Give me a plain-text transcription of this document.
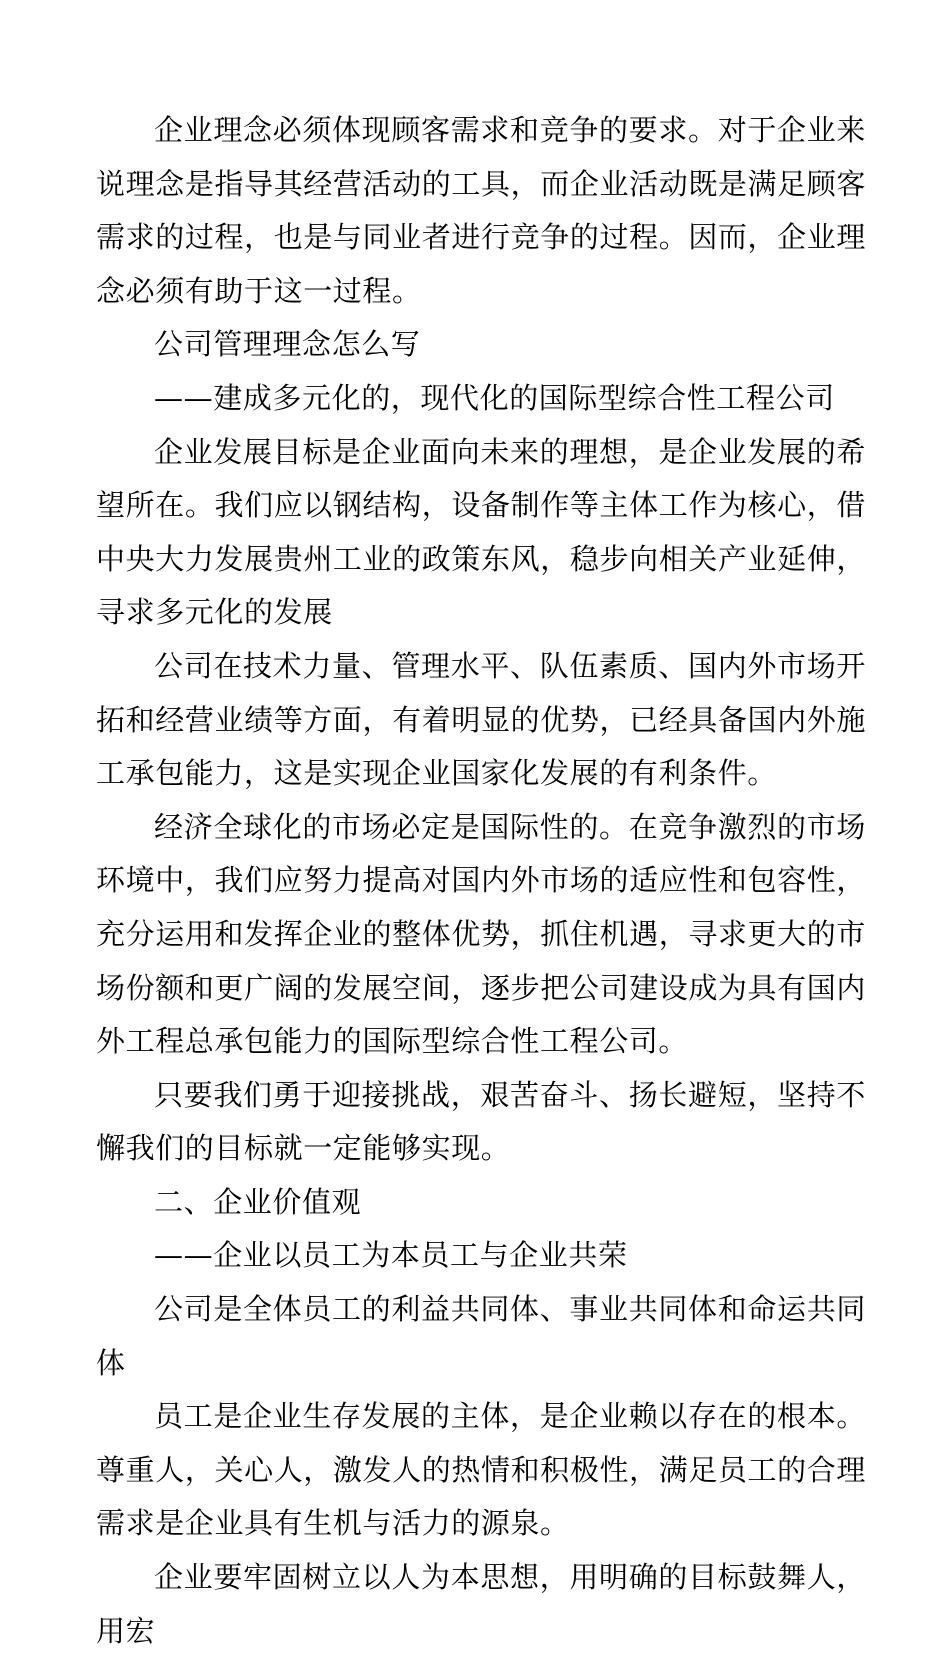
企业理念必须体现顾客需求和竞争的要求。对于企业来说理念是指导其经营活动的工具，而企业活动既是满足顾客需求的过程，也是与同业者进行竞争的过程。因而，企业理念必须有助于这一过程。

公司管理理念怎么写

——建成多元化的，现代化的国际型综合性工程公司

企业发展目标是企业面向未来的理想，是企业发展的希望所在。我们应以钢结构，设备制作等主体工作为核心，借中央大力发展贵州工业的政策东风，稳步向相关产业延伸，寻求多元化的发展

公司在技术力量、管理水平、队伍素质、国内外市场开拓和经营业绩等方面，有着明显的优势，已经具备国内外施工承包能力，这是实现企业国家化发展的有利条件。

经济全球化的市场必定是国际性的。在竞争激烈的市场环境中，我们应努力提高对国内外市场的适应性和包容性，充分运用和发挥企业的整体优势，抓住机遇，寻求更大的市场份额和更广阔的发展空间，逐步把公司建设成为具有国内外工程总承包能力的国际型综合性工程公司。

只要我们勇于迎接挑战，艰苦奋斗、扬长避短，坚持不懈我们的目标就一定能够实现。

二、企业价值观

——企业以员工为本员工与企业共荣

公司是全体员工的利益共同体、事业共同体和命运共同体

员工是企业生存发展的主体，是企业赖以存在的根本。尊重人，关心人，激发人的热情和积极性，满足员工的合理需求是企业具有生机与活力的源泉。

企业要牢固树立以人为本思想，用明确的目标鼓舞人，用宏
